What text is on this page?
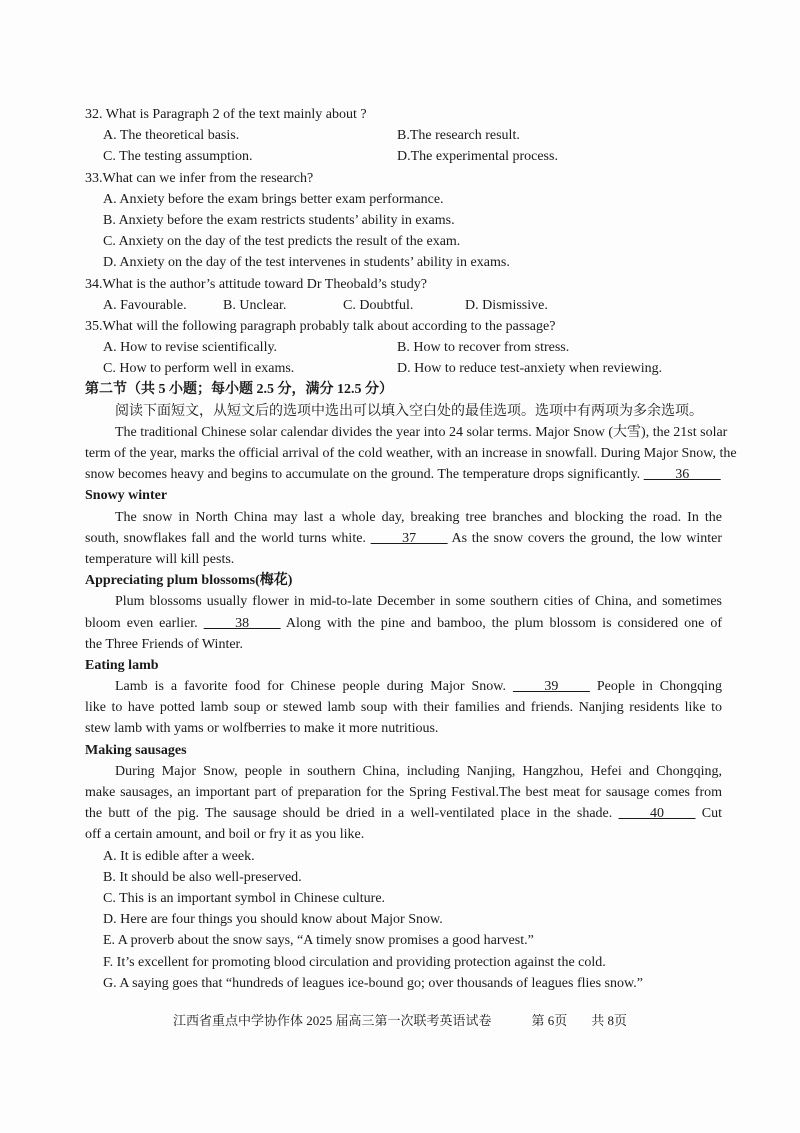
32. What is Paragraph 2 of the text mainly about ?
A. The theoretical basis.	B.The research result.
C. The testing assumption.	D.The experimental process.
33.What can we infer from the research?
A. Anxiety before the exam brings better exam performance.
B. Anxiety before the exam restricts students’ ability in exams.
C. Anxiety on the day of the test predicts the result of the exam.
D. Anxiety on the day of the test intervenes in students’ ability in exams.
34.What is the author’s attitude toward Dr Theobald’s study?
A. Favourable.	B. Unclear.	C. Doubtful.	D. Dismissive.
35.What will the following paragraph probably talk about according to the passage?
A. How to revise scientifically.	B. How to recover from stress.
C. How to perform well in exams.	D. How to reduce test-anxiety when reviewing.
第二节（共 5 小题；每小题 2.5 分，满分 12.5 分）
阅读下面短文，从短文后的选项中选出可以填入空白处的最佳选项。选项中有两项为多余选项。
The traditional Chinese solar calendar divides the year into 24 solar terms. Major Snow (大雪), the 21st solar
term of the year, marks the official arrival of the cold weather, with an increase in snowfall. During Major Snow, the
snow becomes heavy and begins to accumulate on the ground. The temperature drops significantly.          36
Snowy winter
The snow in North China may last a whole day, breaking tree branches and blocking the road. In the
south, snowflakes fall and the world turns white.          37          As the snow covers the ground, the low winter
temperature will kill pests.
Appreciating plum blossoms(梅花)
Plum blossoms usually flower in mid-to-late December in some southern cities of China, and sometimes
bloom even earlier.          38          Along with the pine and bamboo, the plum blossom is considered one of
the Three Friends of Winter.
Eating lamb
Lamb is a favorite food for Chinese people during Major Snow.          39          People in Chongqing
like to have potted lamb soup or stewed lamb soup with their families and friends. Nanjing residents like to
stew lamb with yams or wolfberries to make it more nutritious.
Making sausages
During Major Snow, people in southern China, including Nanjing, Hangzhou, Hefei and Chongqing,
make sausages, an important part of preparation for the Spring Festival.The best meat for sausage comes from
the butt of the pig. The sausage should be dried in a well-ventilated place in the shade.          40          Cut
off a certain amount, and boil or fry it as you like.
A. It is edible after a week.
B. It should be also well-preserved.
C. This is an important symbol in Chinese culture.
D. Here are four things you should know about Major Snow.
E. A proverb about the snow says, “A timely snow promises a good harvest.”
F. It’s excellent for promoting blood circulation and providing protection against the cold.
G. A saying goes that “hundreds of leagues ice-bound go; over thousands of leagues flies snow.”
江西省重点中学协作体 2025 届高三第一次联考英语试卷	第 6页 共 8页
